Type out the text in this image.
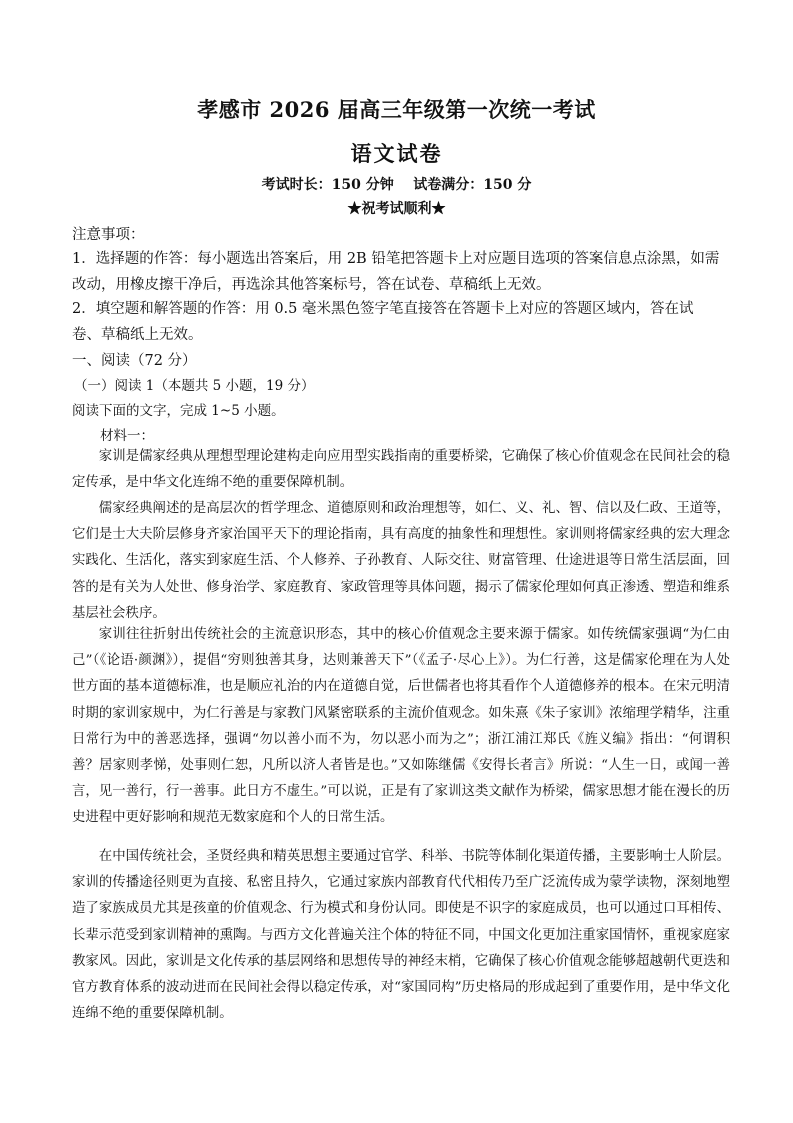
孝感市 2026 届高三年级第一次统一考试
语文试卷
考试时长：150 分钟    试卷满分：150 分
★祝考试顺利★
注意事项：
1．选择题的作答：每小题选出答案后，用 2B 铅笔把答题卡上对应题目选项的答案信息点涂黑，如需改动，用橡皮擦干净后，再选涂其他答案标号，答在试卷、草稿纸上无效。
2．填空题和解答题的作答：用 0.5 毫米黑色签字笔直接答在答题卡上对应的答题区域内，答在试卷、草稿纸上无效。
一、阅读（72 分）
（一）阅读 1（本题共 5 小题，19 分）
阅读下面的文字，完成 1~5 小题。
材料一：

家训是儒家经典从理想型理论建构走向应用型实践指南的重要桥梁，它确保了核心价值观念在民间社会的稳定传承，是中华文化连绵不绝的重要保障机制。

儒家经典阐述的是高层次的哲学理念、道德原则和政治理想等，如仁、义、礼、智、信以及仁政、王道等，它们是士大夫阶层修身齐家治国平天下的理论指南，具有高度的抽象性和理想性。家训则将儒家经典的宏大理念实践化、生活化，落实到家庭生活、个人修养、子孙教育、人际交往、财富管理、仕途进退等日常生活层面，回答的是有关为人处世、修身治学、家庭教育、家政管理等具体问题，揭示了儒家伦理如何真正渗透、塑造和维系基层社会秩序。

家训往往折射出传统社会的主流意识形态，其中的核心价值观念主要来源于儒家。如传统儒家强调“为仁由己”（《论语·颜渊》），提倡“穷则独善其身，达则兼善天下”（《孟子·尽心上》）。为仁行善，这是儒家伦理在为人处世方面的基本道德标准，也是顺应礼治的内在道德自觉，后世儒者也将其看作个人道德修养的根本。在宋元明清时期的家训家规中，为仁行善是与家教门风紧密联系的主流价值观念。如朱熹《朱子家训》浓缩理学精华，注重日常行为中的善恶选择，强调“勿以善小而不为，勿以恶小而为之”；浙江浦江郑氏《旌义编》指出：“何谓积善？居家则孝悌，处事则仁恕，凡所以济人者皆是也。”又如陈继儒《安得长者言》所说：“人生一日，或闻一善言，见一善行，行一善事。此日方不虚生。”可以说，正是有了家训这类文献作为桥梁，儒家思想才能在漫长的历史进程中更好影响和规范无数家庭和个人的日常生活。

在中国传统社会，圣贤经典和精英思想主要通过官学、科举、书院等体制化渠道传播，主要影响士人阶层。家训的传播途径则更为直接、私密且持久，它通过家族内部教育代代相传乃至广泛流传成为蒙学读物，深刻地塑造了家族成员尤其是孩童的价值观念、行为模式和身份认同。即使是不识字的家庭成员，也可以通过口耳相传、长辈示范受到家训精神的熏陶。与西方文化普遍关注个体的特征不同，中国文化更加注重家国情怀，重视家庭家教家风。因此，家训是文化传承的基层网络和思想传导的神经末梢，它确保了核心价值观念能够超越朝代更迭和官方教育体系的波动进而在民间社会得以稳定传承，对“家国同构”历史格局的形成起到了重要作用，是中华文化连绵不绝的重要保障机制。
